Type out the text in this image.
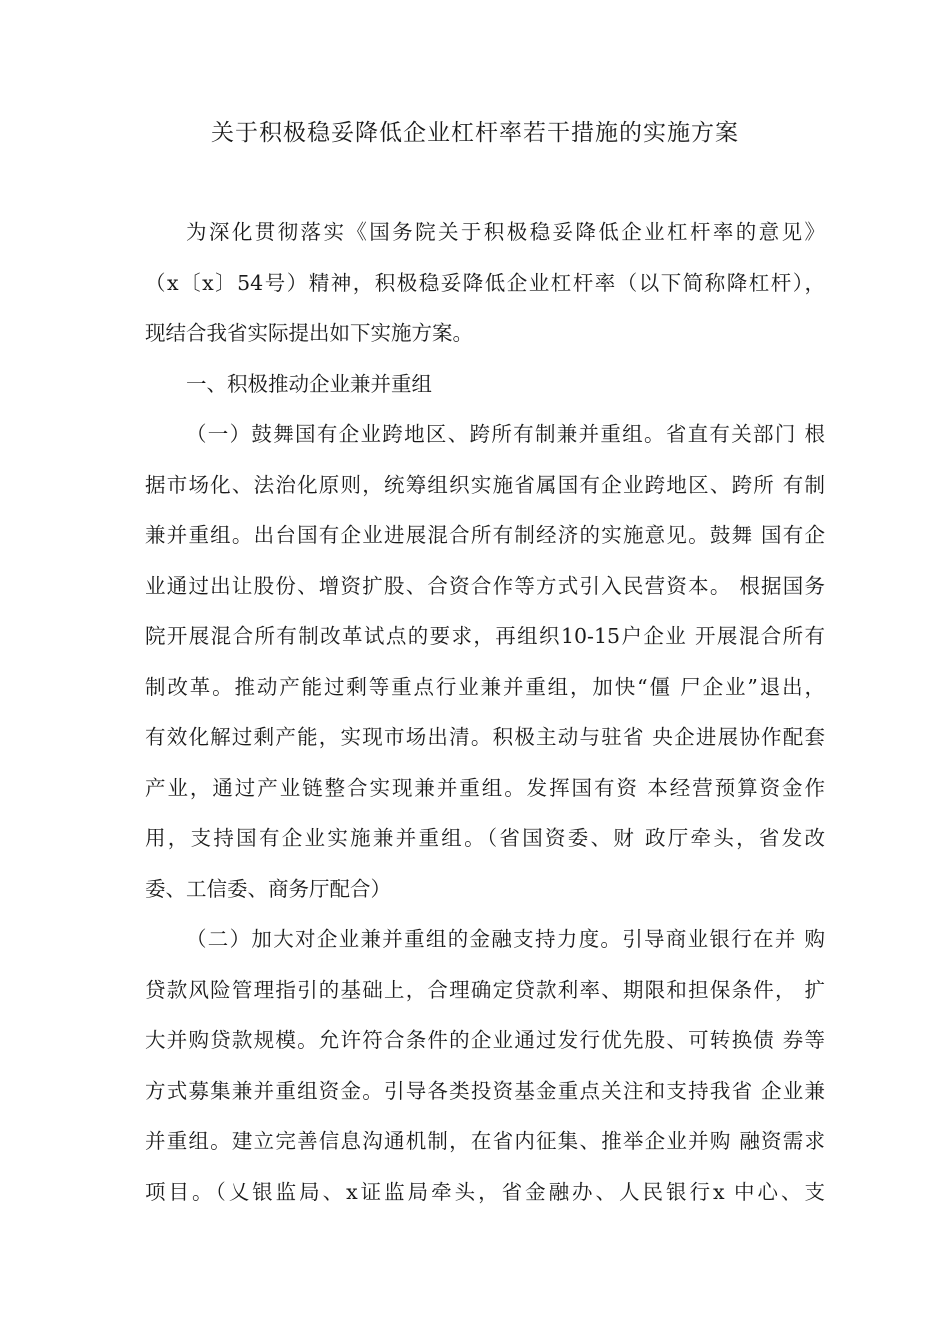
关于积极稳妥降低企业杠杆率若干措施的实施方案
为深化贯彻落实《国务院关于积极稳妥降低企业杠杆率的意见》
（x〔x〕54号）精神，积极稳妥降低企业杠杆率（以下简称降杠杆），
现结合我省实际提出如下实施方案。
一、积极推动企业兼并重组
（一）鼓舞国有企业跨地区、跨所有制兼并重组。省直有关部门 根
据市场化、法治化原则，统筹组织实施省属国有企业跨地区、跨所 有制
兼并重组。出台国有企业进展混合所有制经济的实施意见。鼓舞 国有企
业通过出让股份、增资扩股、合资合作等方式引入民营资本。 根据国务
院开展混合所有制改革试点的要求，再组织10-15户企业 开展混合所有
制改革。推动产能过剩等重点行业兼并重组，加快“僵 尸企业”退出，
有效化解过剩产能，实现市场出清。积极主动与驻省 央企进展协作配套
产业，通过产业链整合实现兼并重组。发挥国有资 本经营预算资金作
用，支持国有企业实施兼并重组。（省国资委、财 政厅牵头，省发改
委、工信委、商务厅配合）
（二）加大对企业兼并重组的金融支持力度。引导商业银行在并 购
贷款风险管理指引的基础上，合理确定贷款利率、期限和担保条件， 扩
大并购贷款规模。允许符合条件的企业通过发行优先股、可转换债 券等
方式募集兼并重组资金。引导各类投资基金重点关注和支持我省 企业兼
并重组。建立完善信息沟通机制，在省内征集、推举企业并购 融资需求
项目。（乂银监局、x证监局牵头，省金融办、人民银行x 中心、支
